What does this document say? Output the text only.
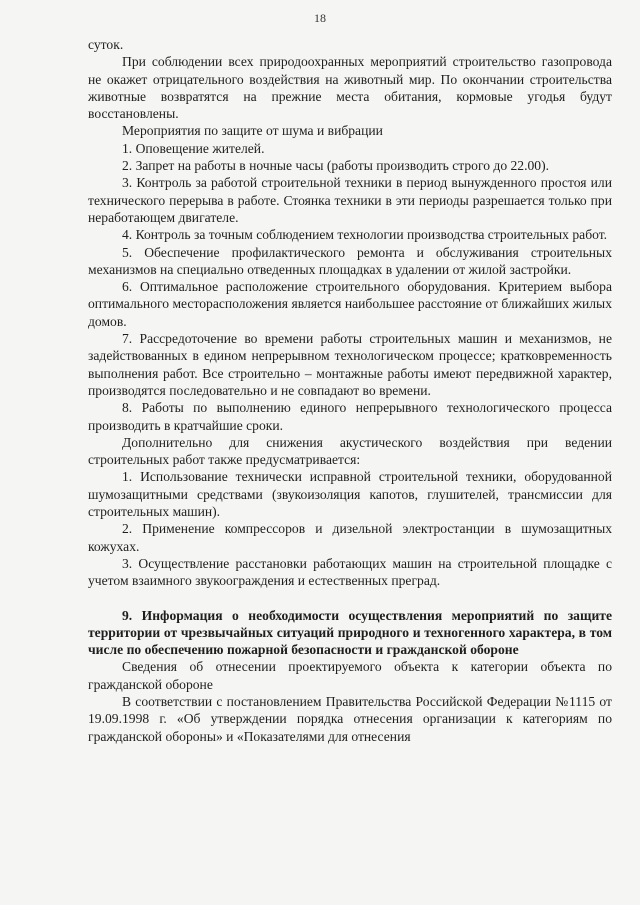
18

суток.

При соблюдении всех природоохранных мероприятий строительство газопровода не окажет отрицательного воздействия на животный мир. По окончании строительства животные возвратятся на прежние места обитания, кормовые угодья будут восстановлены.

Мероприятия по защите от шума и вибрации

1. Оповещение жителей.

2. Запрет на работы в ночные часы (работы производить строго до 22.00).

3. Контроль за работой строительной техники в период вынужденного простоя или технического перерыва в работе. Стоянка техники в эти периоды разрешается только при неработающем двигателе.

4. Контроль за точным соблюдением технологии производства строительных работ.

5. Обеспечение профилактического ремонта и обслуживания строительных механизмов на специально отведенных площадках в удалении от жилой застройки.

6. Оптимальное расположение строительного оборудования. Критерием выбора оптимального месторасположения является наибольшее расстояние от ближайших жилых домов.

7. Рассредоточение во времени работы строительных машин и механизмов, не задействованных в едином непрерывном технологическом процессе; кратковременность выполнения работ. Все строительно – монтажные работы имеют передвижной характер, производятся последовательно и не совпадают во времени.

8. Работы по выполнению единого непрерывного технологического процесса производить в кратчайшие сроки.

Дополнительно для снижения акустического воздействия при ведении строительных работ также предусматривается:

1. Использование технически исправной строительной техники, оборудованной шумозащитными средствами (звукоизоляция капотов, глушителей, трансмиссии для строительных машин).

2. Применение компрессоров и дизельной электростанции в шумозащитных кожухах.

3. Осуществление расстановки работающих машин на строительной площадке с учетом взаимного звукоограждения и естественных преград.

9. Информация о необходимости осуществления мероприятий по защите территории от чрезвычайных ситуаций природного и техногенного характера, в том числе по обеспечению пожарной безопасности и гражданской обороне

Сведения об отнесении проектируемого объекта к категории объекта по гражданской обороне

В соответствии с постановлением Правительства Российской Федерации №1115 от 19.09.1998 г. «Об утверждении порядка отнесения организации к категориям по гражданской обороны» и «Показателями для отнесения
